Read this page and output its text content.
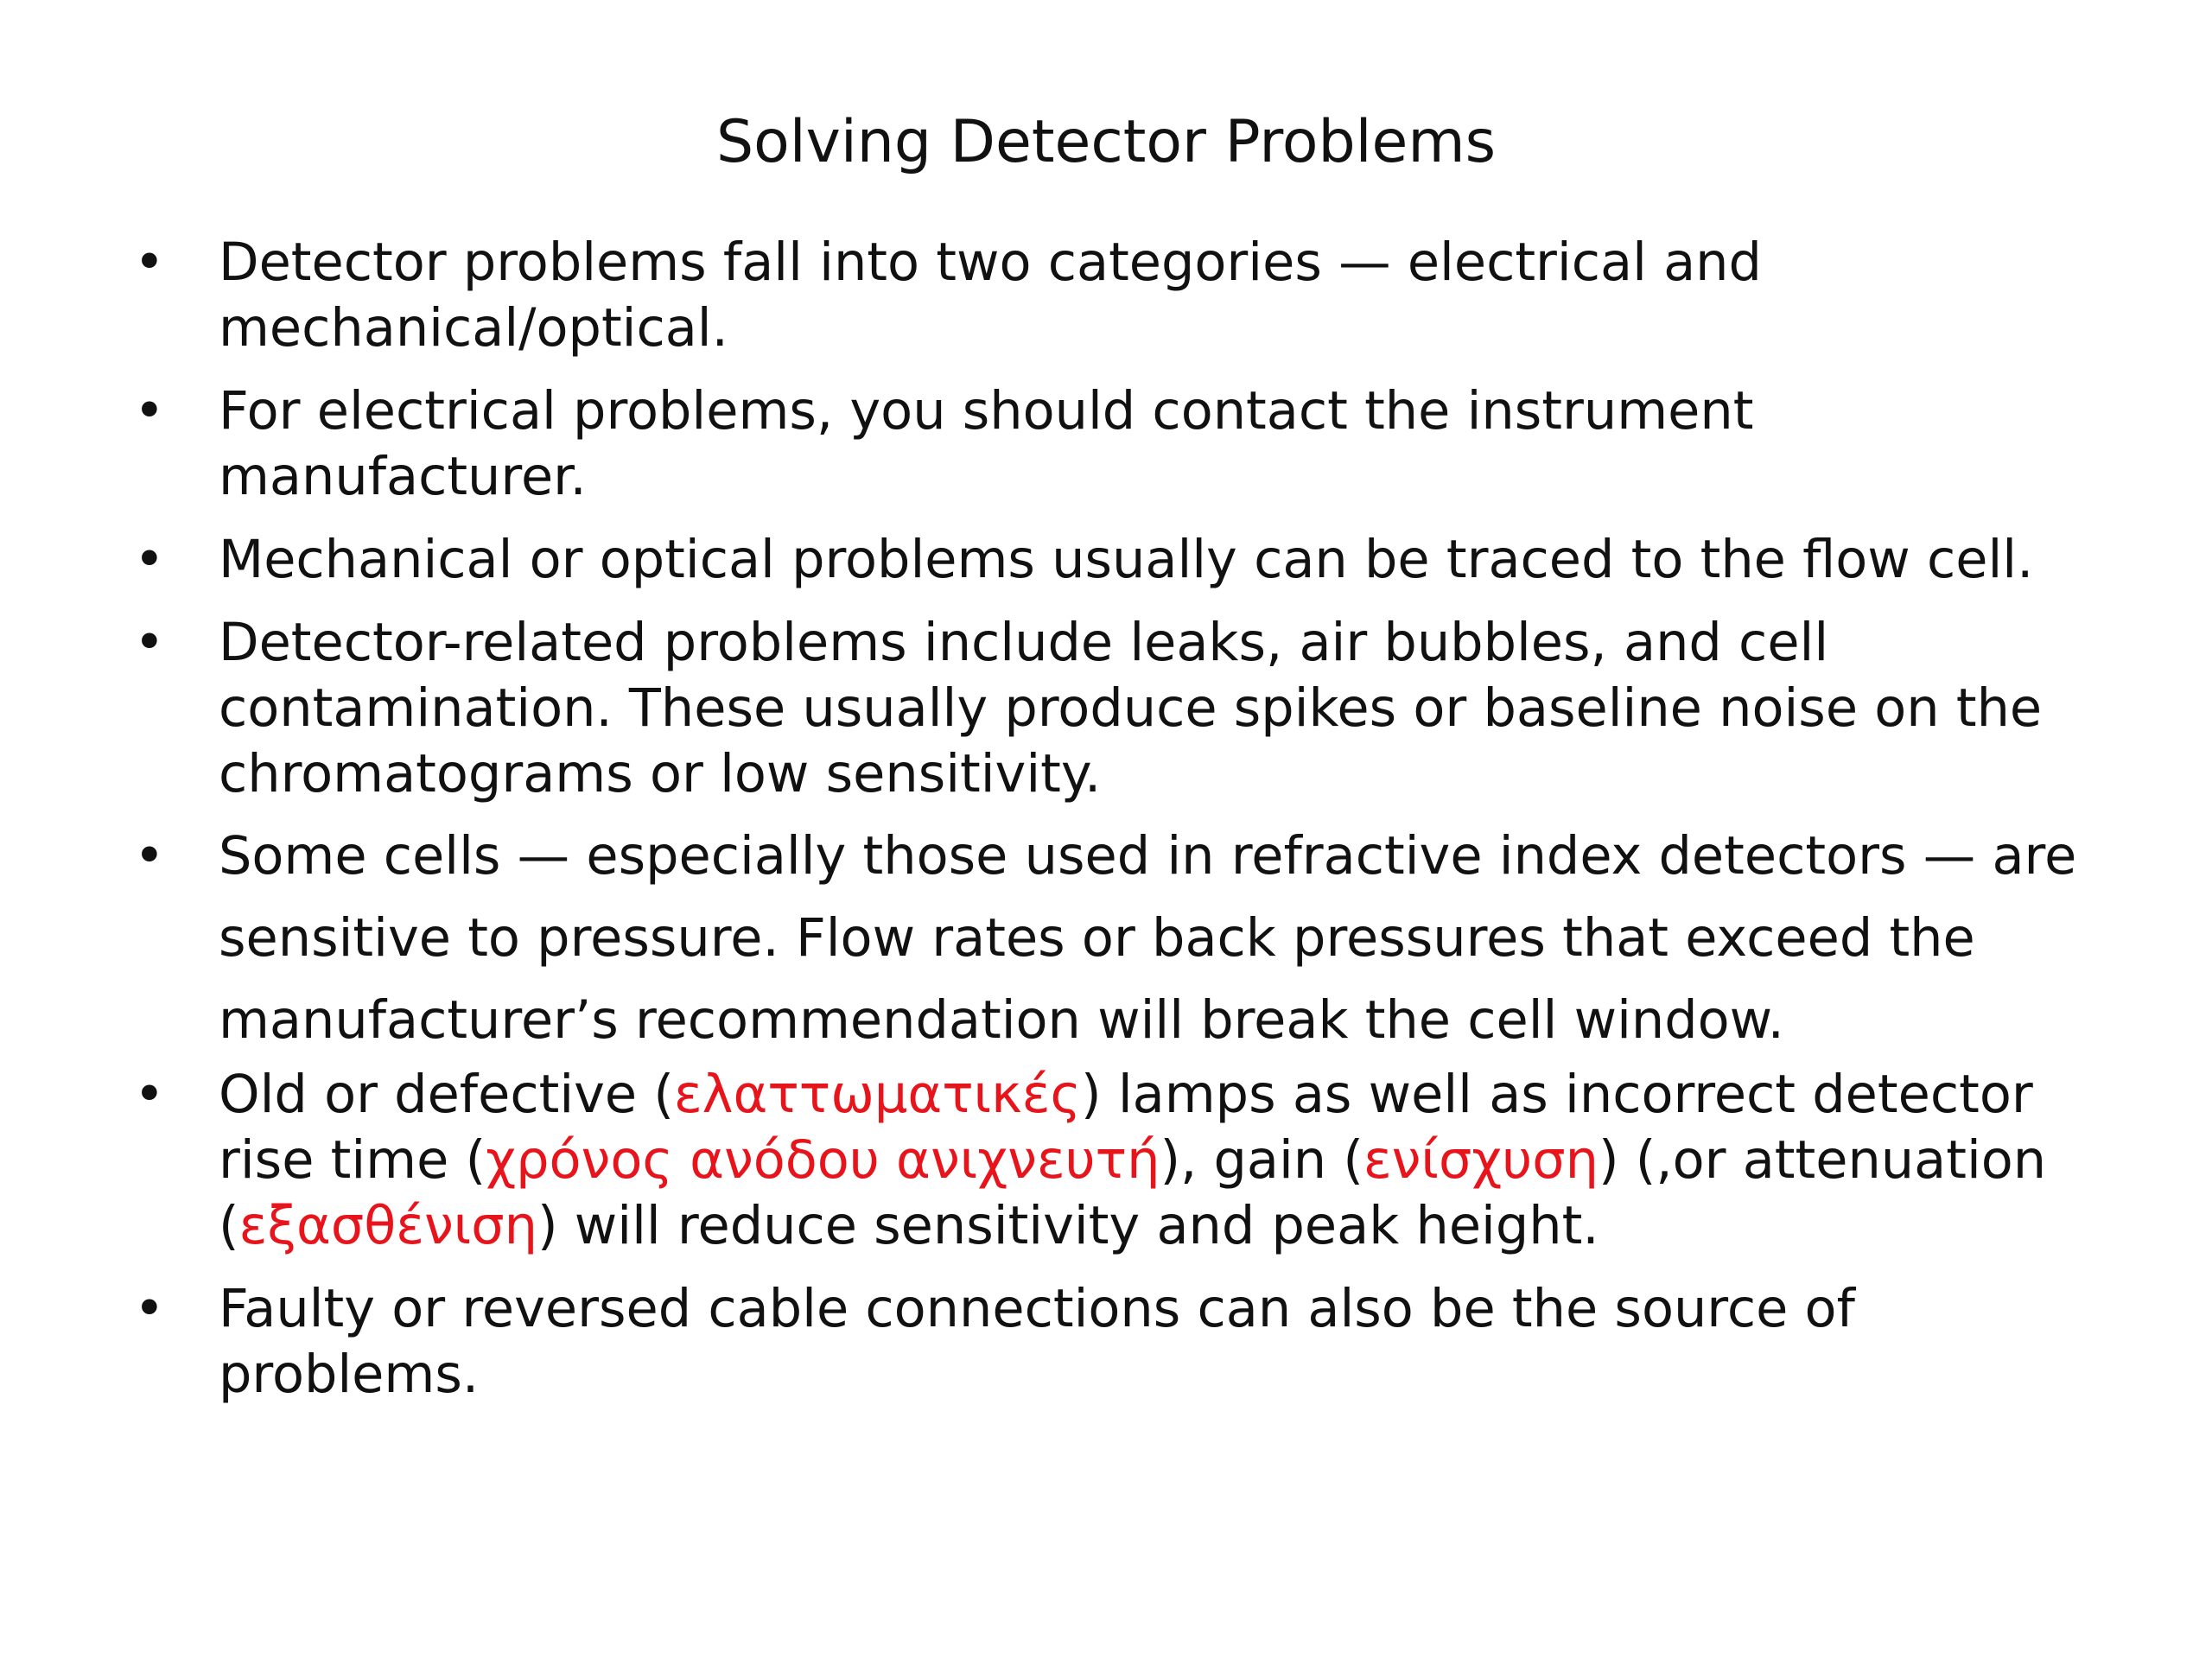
Solving Detector Problems
• Detector problems fall into two categories — electrical and mechanical/optical.
• For electrical problems, you should contact the instrument manufacturer.
• Mechanical or optical problems usually can be traced to the flow cell.
• Detector-related problems include leaks, air bubbles, and cell contamination. These usually produce spikes or baseline noise on the chromatograms or low sensitivity.
• Some cells — especially those used in refractive index detectors — are sensitive to pressure. Flow rates or back pressures that exceed the manufacturer’s recommendation will break the cell window.
• Old or defective (ελαττωματικές) lamps as well as incorrect detector rise time (χρόνος ανόδου ανιχνευτή), gain (ενίσχυση) (,or attenuation (εξασθένιση) will reduce sensitivity and peak height.
• Faulty or reversed cable connections can also be the source of problems.
